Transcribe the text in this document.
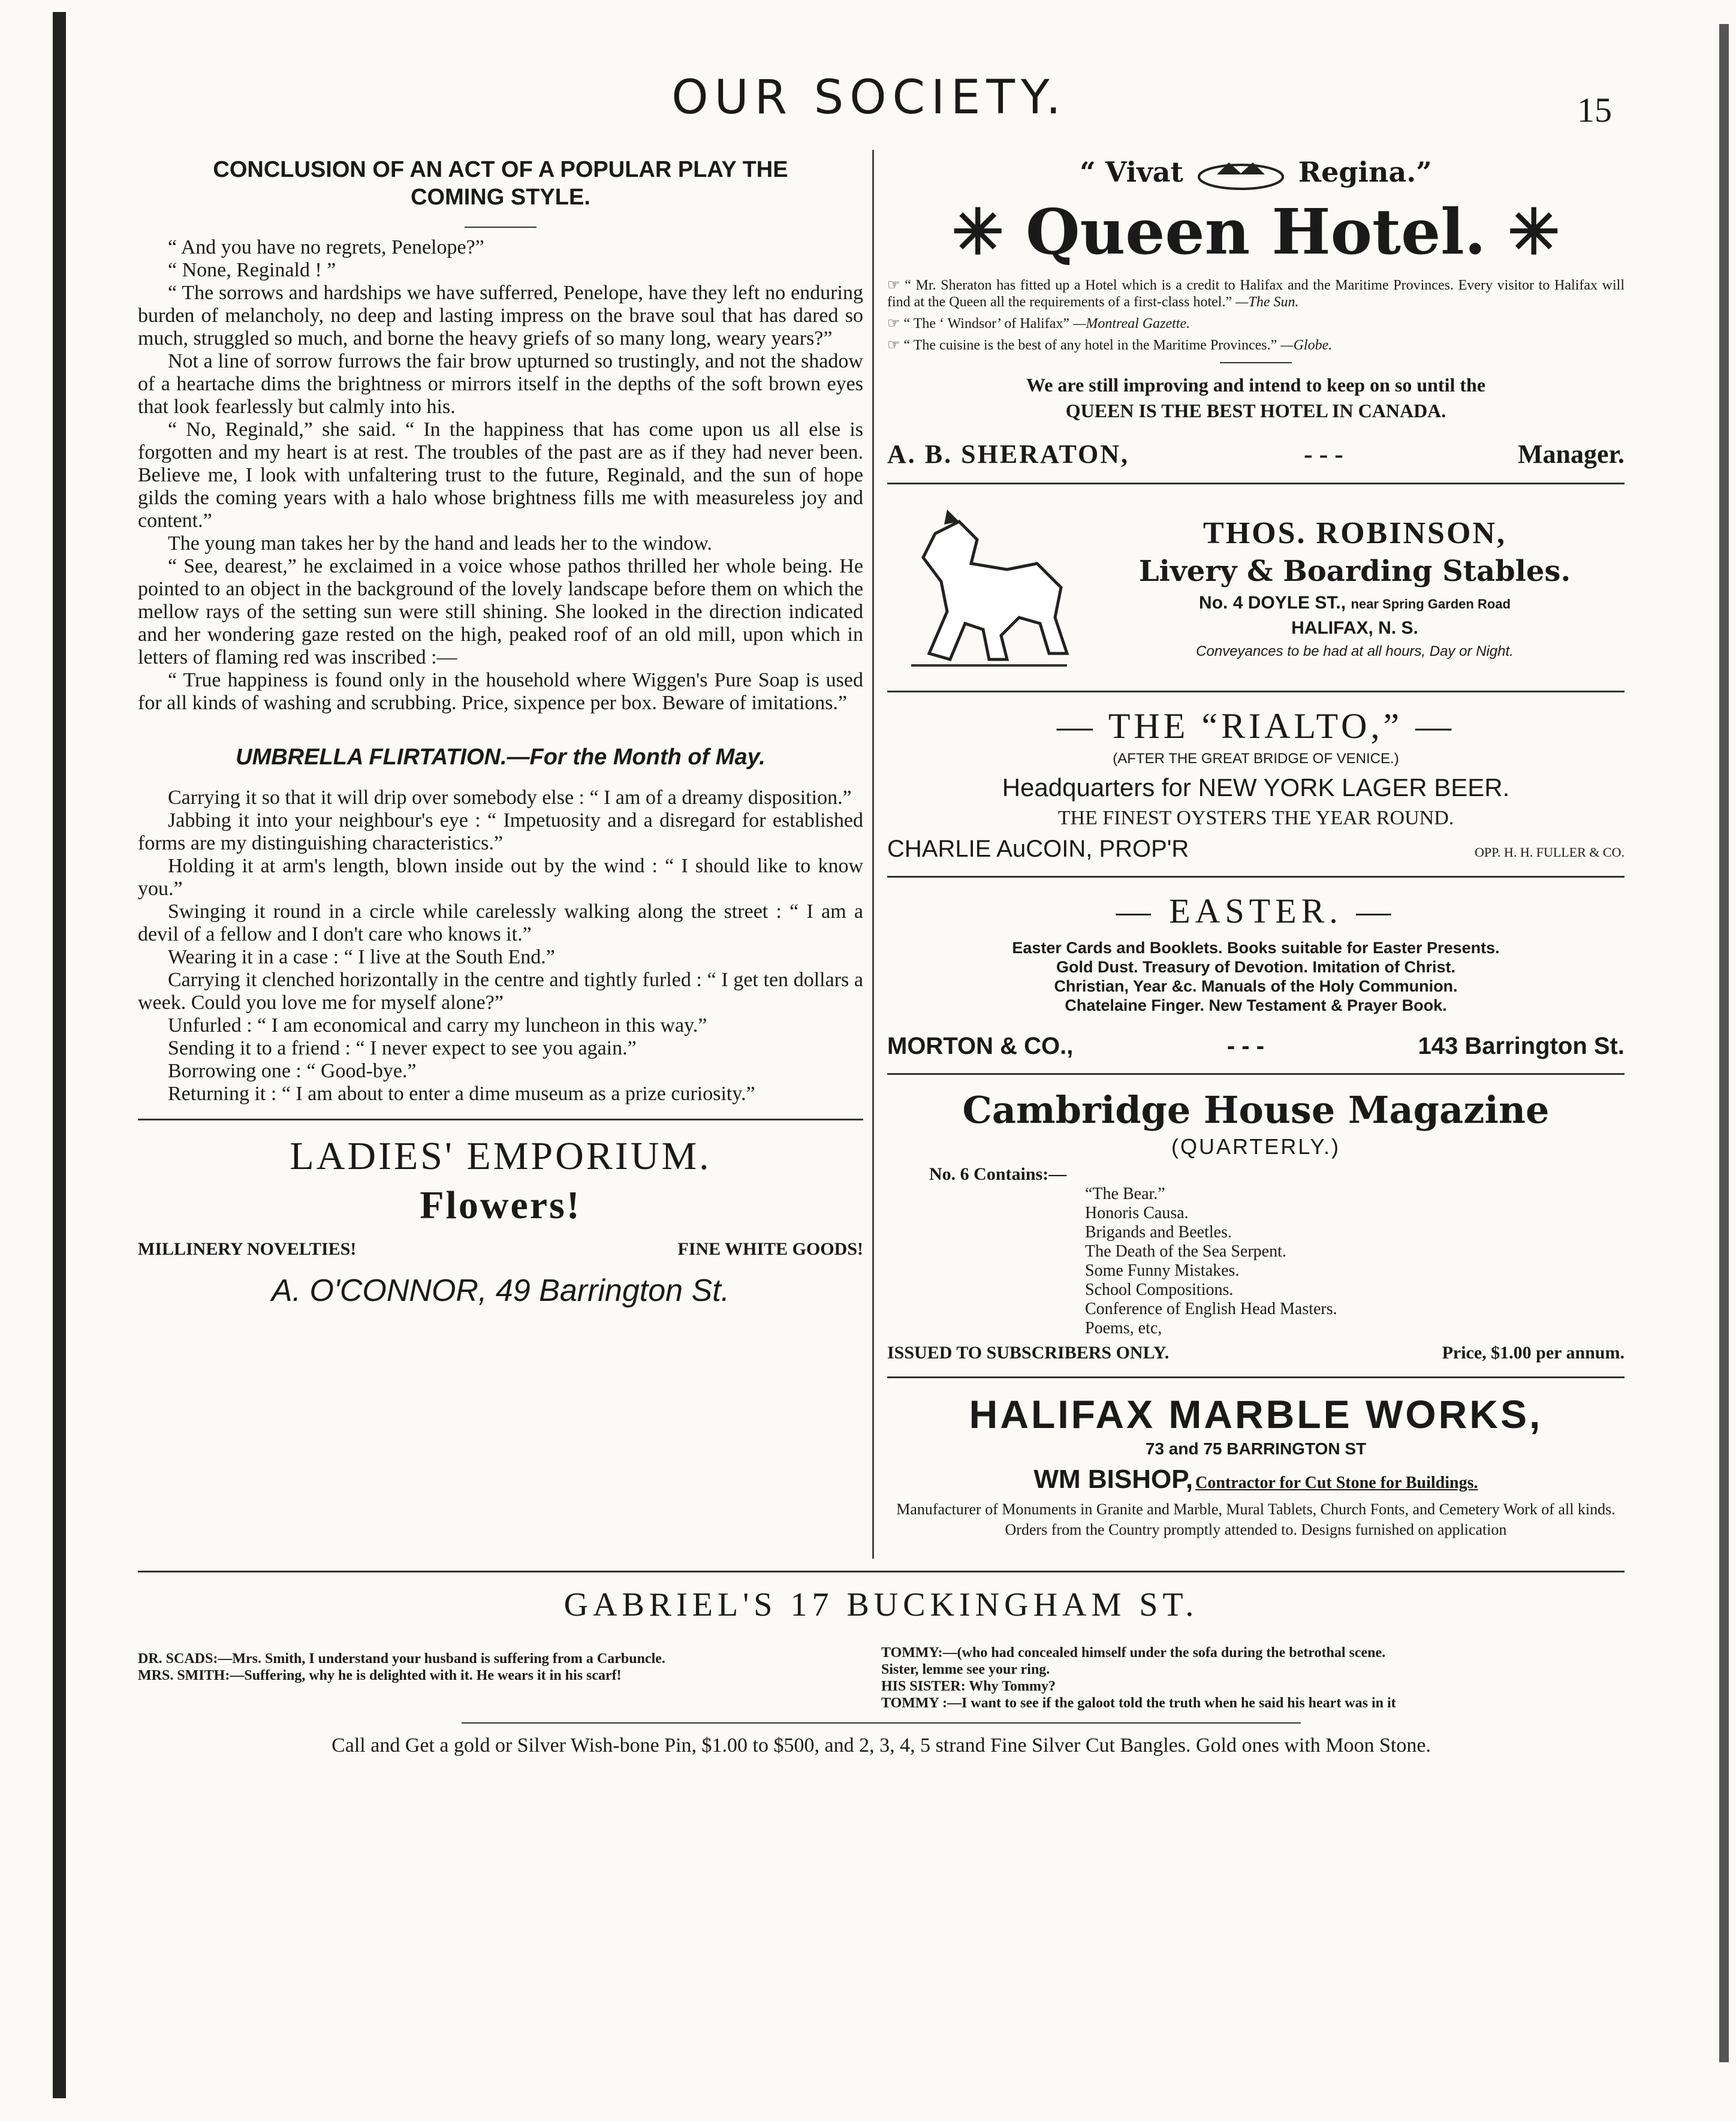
OUR SOCIETY.	15
CONCLUSION OF AN ACT OF A POPULAR PLAY THE
COMING STYLE.

“ And you have no regrets, Penelope?”

“ None, Reginald ! ”

“ The sorrows and hardships we have sufferred, Penelope, have they left no enduring burden of melancholy, no deep and lasting impress on the brave soul that has dared so much, struggled so much, and borne the heavy griefs of so many long, weary years?”

Not a line of sorrow furrows the fair brow upturned so trustingly, and not the shadow of a heartache dims the brightness or mirrors itself in the depths of the soft brown eyes that look fearlessly but calmly into his.

“ No, Reginald,” she said. “ In the happiness that has come upon us all else is forgotten and my heart is at rest. The troubles of the past are as if they had never been. Believe me, I look with unfaltering trust to the future, Reginald, and the sun of hope gilds the coming years with a halo whose brightness fills me with measureless joy and content.”

The young man takes her by the hand and leads her to the window.

“ See, dearest,” he exclaimed in a voice whose pathos thrilled her whole being. He pointed to an object in the background of the lovely landscape before them on which the mellow rays of the setting sun were still shining. She looked in the direction indicated and her wondering gaze rested on the high, peaked roof of an old mill, upon which in letters of flaming red was inscribed :—

“ True happiness is found only in the household where Wiggen's Pure Soap is used for all kinds of washing and scrubbing. Price, sixpence per box. Beware of imitations.”

UMBRELLA FLIRTATION.—For the Month of May.

Carrying it so that it will drip over somebody else : “ I am of a dreamy disposition.”

Jabbing it into your neighbour's eye : “ Impetuosity and a disregard for established forms are my distinguishing characteristics.”

Holding it at arm's length, blown inside out by the wind : “ I should like to know you.”

Swinging it round in a circle while carelessly walking along the street : “ I am a devil of a fellow and I don't care who knows it.”

Wearing it in a case : “ I live at the South End.”

Carrying it clenched horizontally in the centre and tightly furled : “ I get ten dollars a week. Could you love me for myself alone?”

Unfurled : “ I am economical and carry my luncheon in this way.”

Sending it to a friend : “ I never expect to see you again.”

Borrowing one : “ Good-bye.”

Returning it : “ I am about to enter a dime museum as a prize curiosity.”

LADIES' EMPORIUM.
Flowers!
MILLINERY NOVELTIES!	FINE WHITE GOODS!
A. O'CONNOR, 49 Barrington St.
“ Vivat	Regina.”
✳ Queen Hotel. ✳

☞ “ Mr. Sheraton has fitted up a Hotel which is a credit to Halifax and the Maritime Provinces. Every visitor to Halifax will find at the Queen all the requirements of a first-class hotel.” —The Sun.

☞ “ The ‘ Windsor’ of Halifax” —Montreal Gazette.

☞ “ The cuisine is the best of any hotel in the Maritime Provinces.” —Globe.

We are still improving and intend to keep on so until the
QUEEN IS THE BEST HOTEL IN CANADA.
A. B. SHERATON,	- - -	Manager.
THOS. ROBINSON,
Livery & Boarding Stables.
No. 4 DOYLE ST., near Spring Garden Road
HALIFAX, N. S.
Conveyances to be had at all hours, Day or Night.
— THE “RIALTO,” —
(AFTER THE GREAT BRIDGE OF VENICE.)
Headquarters for NEW YORK LAGER BEER.
THE FINEST OYSTERS THE YEAR ROUND.
CHARLIE AuCOIN, PROP'R	OPP. H. H. FULLER & CO.
— EASTER. —
Easter Cards and Booklets. Books suitable for Easter Presents.
Gold Dust. Treasury of Devotion. Imitation of Christ.
Christian, Year &c. Manuals of the Holy Communion.
Chatelaine Finger. New Testament & Prayer Book.
MORTON & CO.,	- - -	143 Barrington St.
Cambridge House Magazine
(QUARTERLY.)
No. 6 Contains:—
“The Bear.”
Honoris Causa.
Brigands and Beetles.
The Death of the Sea Serpent.
Some Funny Mistakes.
School Compositions.
Conference of English Head Masters.
Poems, etc,
ISSUED TO SUBSCRIBERS ONLY.	Price, $1.00 per annum.
HALIFAX MARBLE WORKS,
73 and 75 BARRINGTON ST
WM BISHOP, Contractor for Cut Stone for Buildings.
Manufacturer of Monuments in Granite and Marble, Mural Tablets, Church Fonts, and Cemetery Work of all kinds.
Orders from the Country promptly attended to. Designs furnished on application
GABRIEL'S 17 BUCKINGHAM ST.
DR. SCADS:—Mrs. Smith, I understand your husband is suffering from a Carbuncle.
MRS. SMITH:—Suffering, why he is delighted with it. He wears it in his scarf!
TOMMY:—(who had concealed himself under the sofa during the betrothal scene.
Sister, lemme see your ring.
HIS SISTER: Why Tommy?
TOMMY :—I want to see if the galoot told the truth when he said his heart was in it
Call and Get a gold or Silver Wish-bone Pin, $1.00 to $500, and 2, 3, 4, 5 strand Fine Silver Cut Bangles. Gold ones with Moon Stone.
